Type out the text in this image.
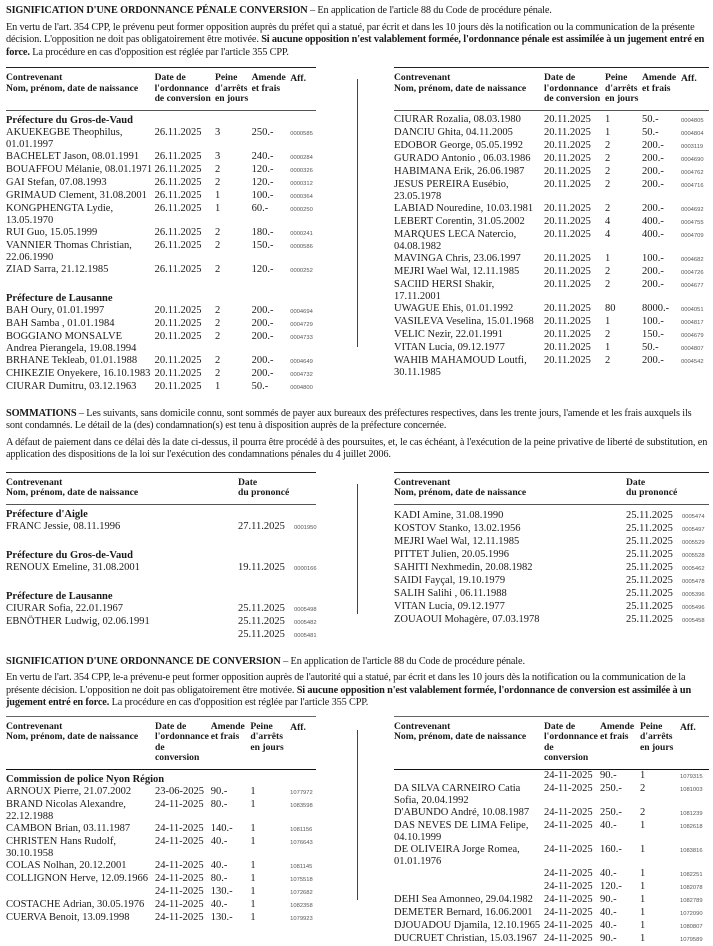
SIGNIFICATION D'UNE ORDONNANCE PÉNALE CONVERSION – En application de l'article 88 du Code de procédure pénale.

En vertu de l'art. 354 CPP, le prévenu peut former opposition auprès du préfet qui a statué, par écrit et dans les 10 jours dès la notification ou la communication de la présente décision. L'opposition ne doit pas obligatoirement être motivée. Si aucune opposition n'est valablement formée, l'ordonnance pénale est assimilée à un jugement entré en force. La procédure en cas d'opposition est réglée par l'article 355 CPP.

Contrevenant
Nom, prénom, date de naissance
Date de l'ordonnance de conversion
Peine d'arrêts en jours
Amende et frais
Aff.
Préfecture du Gros-de-Vaud
AKUEKEGBE Theophilus, 01.01.1997
26.11.2025	3	250.-	0000585
BACHELET Jason, 08.01.1991	26.11.2025	3	240.-	0000284
BOUAFFOU Mélanie, 08.01.1971 26.11.2025	2	120.-	0000326
GAI Stefan, 07.08.1993	26.11.2025	2	120.-	0000312
GRIMAUD Clement, 31.08.2001 26.11.2025	1	100.-	0000364
KONGPHENGTA Lydie, 13.05.1970
26.11.2025	1	60.-	0000250
RUI Guo, 15.05.1999	26.11.2025	2	180.-	0000241
VANNIER Thomas Christian, 22.06.1990
26.11.2025	2	150.-	0000586
ZIAD Sarra, 21.12.1985	26.11.2025	2	120.-	0000252
Préfecture de Lausanne
BAH Oury, 01.01.1997	20.11.2025	2	200.-	0004694
BAH Samba , 01.01.1984	20.11.2025	2	200.-	0004729
BOGGIANO MONSALVE Andrea Pierangela, 19.08.1994
20.11.2025	2	200.-	0004733
BRHANE Tekleab, 01.01.1988	20.11.2025	2	200.-	0004649
CHIKEZIE Onyekere, 16.10.1983 20.11.2025	2	200.-	0004732
CIURAR Dumitru, 03.12.1963	20.11.2025	1	50.-	0004800
Contrevenant
Nom, prénom, date de naissance
Date de l'ordonnance de conversion
Peine d'arrêts en jours
Amende et frais
Aff.
CIURAR Rozalia, 08.03.1980	20.11.2025	1	50.-	0004805
DANCIU Ghita, 04.11.2005	20.11.2025	1	50.-	0004804
EDOBOR George, 05.05.1992	20.11.2025	2	200.-	0003119
GURADO Antonio , 06.03.1986	20.11.2025	2	200.-	0004690
HABIMANA Erik, 26.06.1987	20.11.2025	2	200.-	0004762
JESUS PEREIRA Eusébio, 23.05.1978
20.11.2025	2	200.-	0004716
LABIAD Nouredine, 10.03.1981	20.11.2025	2	200.-	0004692
LEBERT Corentin, 31.05.2002	20.11.2025	4	400.-	0004755
MARQUES LECA Natercio, 04.08.1982
20.11.2025	4	400.-	0004709
MAVINGA Chris, 23.06.1997	20.11.2025	1	100.-	0004682
MEJRI Wael Wal, 12.11.1985	20.11.2025	2	200.-	0004726
SACIID HERSI Shakir, 17.11.2001
20.11.2025	2	200.-	0004677
UWAGUE Ehis, 01.01.1992	20.11.2025	80	8000.-	0004051
VASILEVA Veselina, 15.01.1968 20.11.2025	1	100.-	0004817
VELIC Nezir, 22.01.1991	20.11.2025	2	150.-	0004679
VITAN Lucia, 09.12.1977	20.11.2025	1	50.-	0004807
WAHIB MAHAMOUD Loutfi, 30.11.1985
20.11.2025	2	200.-	0004542

SOMMATIONS – Les suivants, sans domicile connu, sont sommés de payer aux bureaux des préfectures respectives, dans les trente jours, l'amende et les frais auxquels ils sont condamnés. Le détail de la (des) condamnation(s) est tenu à disposition auprès de la préfecture concernée.

A défaut de paiement dans ce délai dès la date ci-dessus, il pourra être procédé à des poursuites, et, le cas échéant, à l'exécution de la peine privative de liberté de substitution, en application des dispositions de la loi sur l'exécution des condamnations pénales du 4 juillet 2006.

Contrevenant
Nom, prénom, date de naissance
Date
du prononcé
Préfecture d'Aigle
FRANC Jessie, 08.11.1996	27.11.2025	0001950
Préfecture du Gros-de-Vaud
RENOUX Emeline, 31.08.2001	19.11.2025	0000166
Préfecture de Lausanne
CIURAR Sofia, 22.01.1967	25.11.2025	0005498
EBNÖTHER Ludwig, 02.06.1991	25.11.2025	0005482
25.11.2025	0005481
Contrevenant
Nom, prénom, date de naissance
Date
du prononcé
KADI Amine, 31.08.1990	25.11.2025	0005474
KOSTOV Stanko, 13.02.1956	25.11.2025	0005497
MEJRI Wael Wal, 12.11.1985	25.11.2025	0005529
PITTET Julien, 20.05.1996	25.11.2025	0005528
SAHITI Nexhmedin, 20.08.1982	25.11.2025	0005462
SAIDI Fayçal, 19.10.1979	25.11.2025	0005478
SALIH Salihi , 06.11.1988	25.11.2025	0005396
VITAN Lucia, 09.12.1977	25.11.2025	0005496
ZOUAOUI Mohagère, 07.03.1978	25.11.2025	0005458

SIGNIFICATION D'UNE ORDONNANCE DE CONVERSION – En application de l'article 88 du Code de procédure pénale.

En vertu de l'art. 354 CPP, le-a prévenu-e peut former opposition auprès de l'autorité qui a statué, par écrit et dans les 10 jours dès la notification ou la communication de la présente décision. L'opposition ne doit pas obligatoirement être motivée. Si aucune opposition n'est valablement formée, l'ordonnance de conversion est assimilée à un jugement entré en force. La procédure en cas d'opposition est réglée par l'article 355 CPP.

Contrevenant
Nom, prénom, date de naissance
Date de l'ordonnance de conversion
Amende et frais
Peine d'arrêts en jours
Aff.
Commission de police Nyon Région
ARNOUX Pierre, 21.07.2002	23-06-2025 90.-	1	1077972
BRAND Nicolas Alexandre, 22.12.1988
24-11-2025 80.-	1	1083598
CAMBON Brian, 03.11.1987	24-11-2025 140.-	1	1081156
CHRISTEN Hans Rudolf, 30.10.1958
24-11-2025 40.-	1	1076643
COLAS Nolhan, 20.12.2001	24-11-2025 40.-	1	1081145
COLLIGNON Herve, 12.09.1966 24-11-2025 80.-	1	1075518
24-11-2025 130.-	1	1072682
COSTACHE Adrian, 30.05.1976	24-11-2025 40.-	1	1082358
CUERVA Benoit, 13.09.1998	24-11-2025 130.-	1	1079923
Contrevenant
Nom, prénom, date de naissance
Date de l'ordonnance de conversion
Amende et frais
Peine d'arrêts en jours
Aff.
24-11-2025 90.-	1	1079315
DA SILVA CARNEIRO Catia Sofia, 20.04.1992
24-11-2025 250.-	2	1081003
D'ABUNDO André, 10.08.1987	24-11-2025 250.-	2	1081239
DAS NEVES DE LIMA Felipe, 04.10.1999
24-11-2025 40.-	1	1082618
DE OLIVEIRA Jorge Romea, 01.01.1976
24-11-2025 160.-	1	1083816
24-11-2025 40.-	1	1082251
24-11-2025 120.-	1	1082078
DEHI Sea Amonneo, 29.04.1982	24-11-2025 90.-	1	1082789
DEMETER Bernard, 16.06.2001	24-11-2025 40.-	1	1072090
DJOUADOU Djamila, 12.10.1965 24-11-2025 40.-	1	1080807
DUCRUET Christian, 15.03.1967 24-11-2025 90.-	1	1079589
